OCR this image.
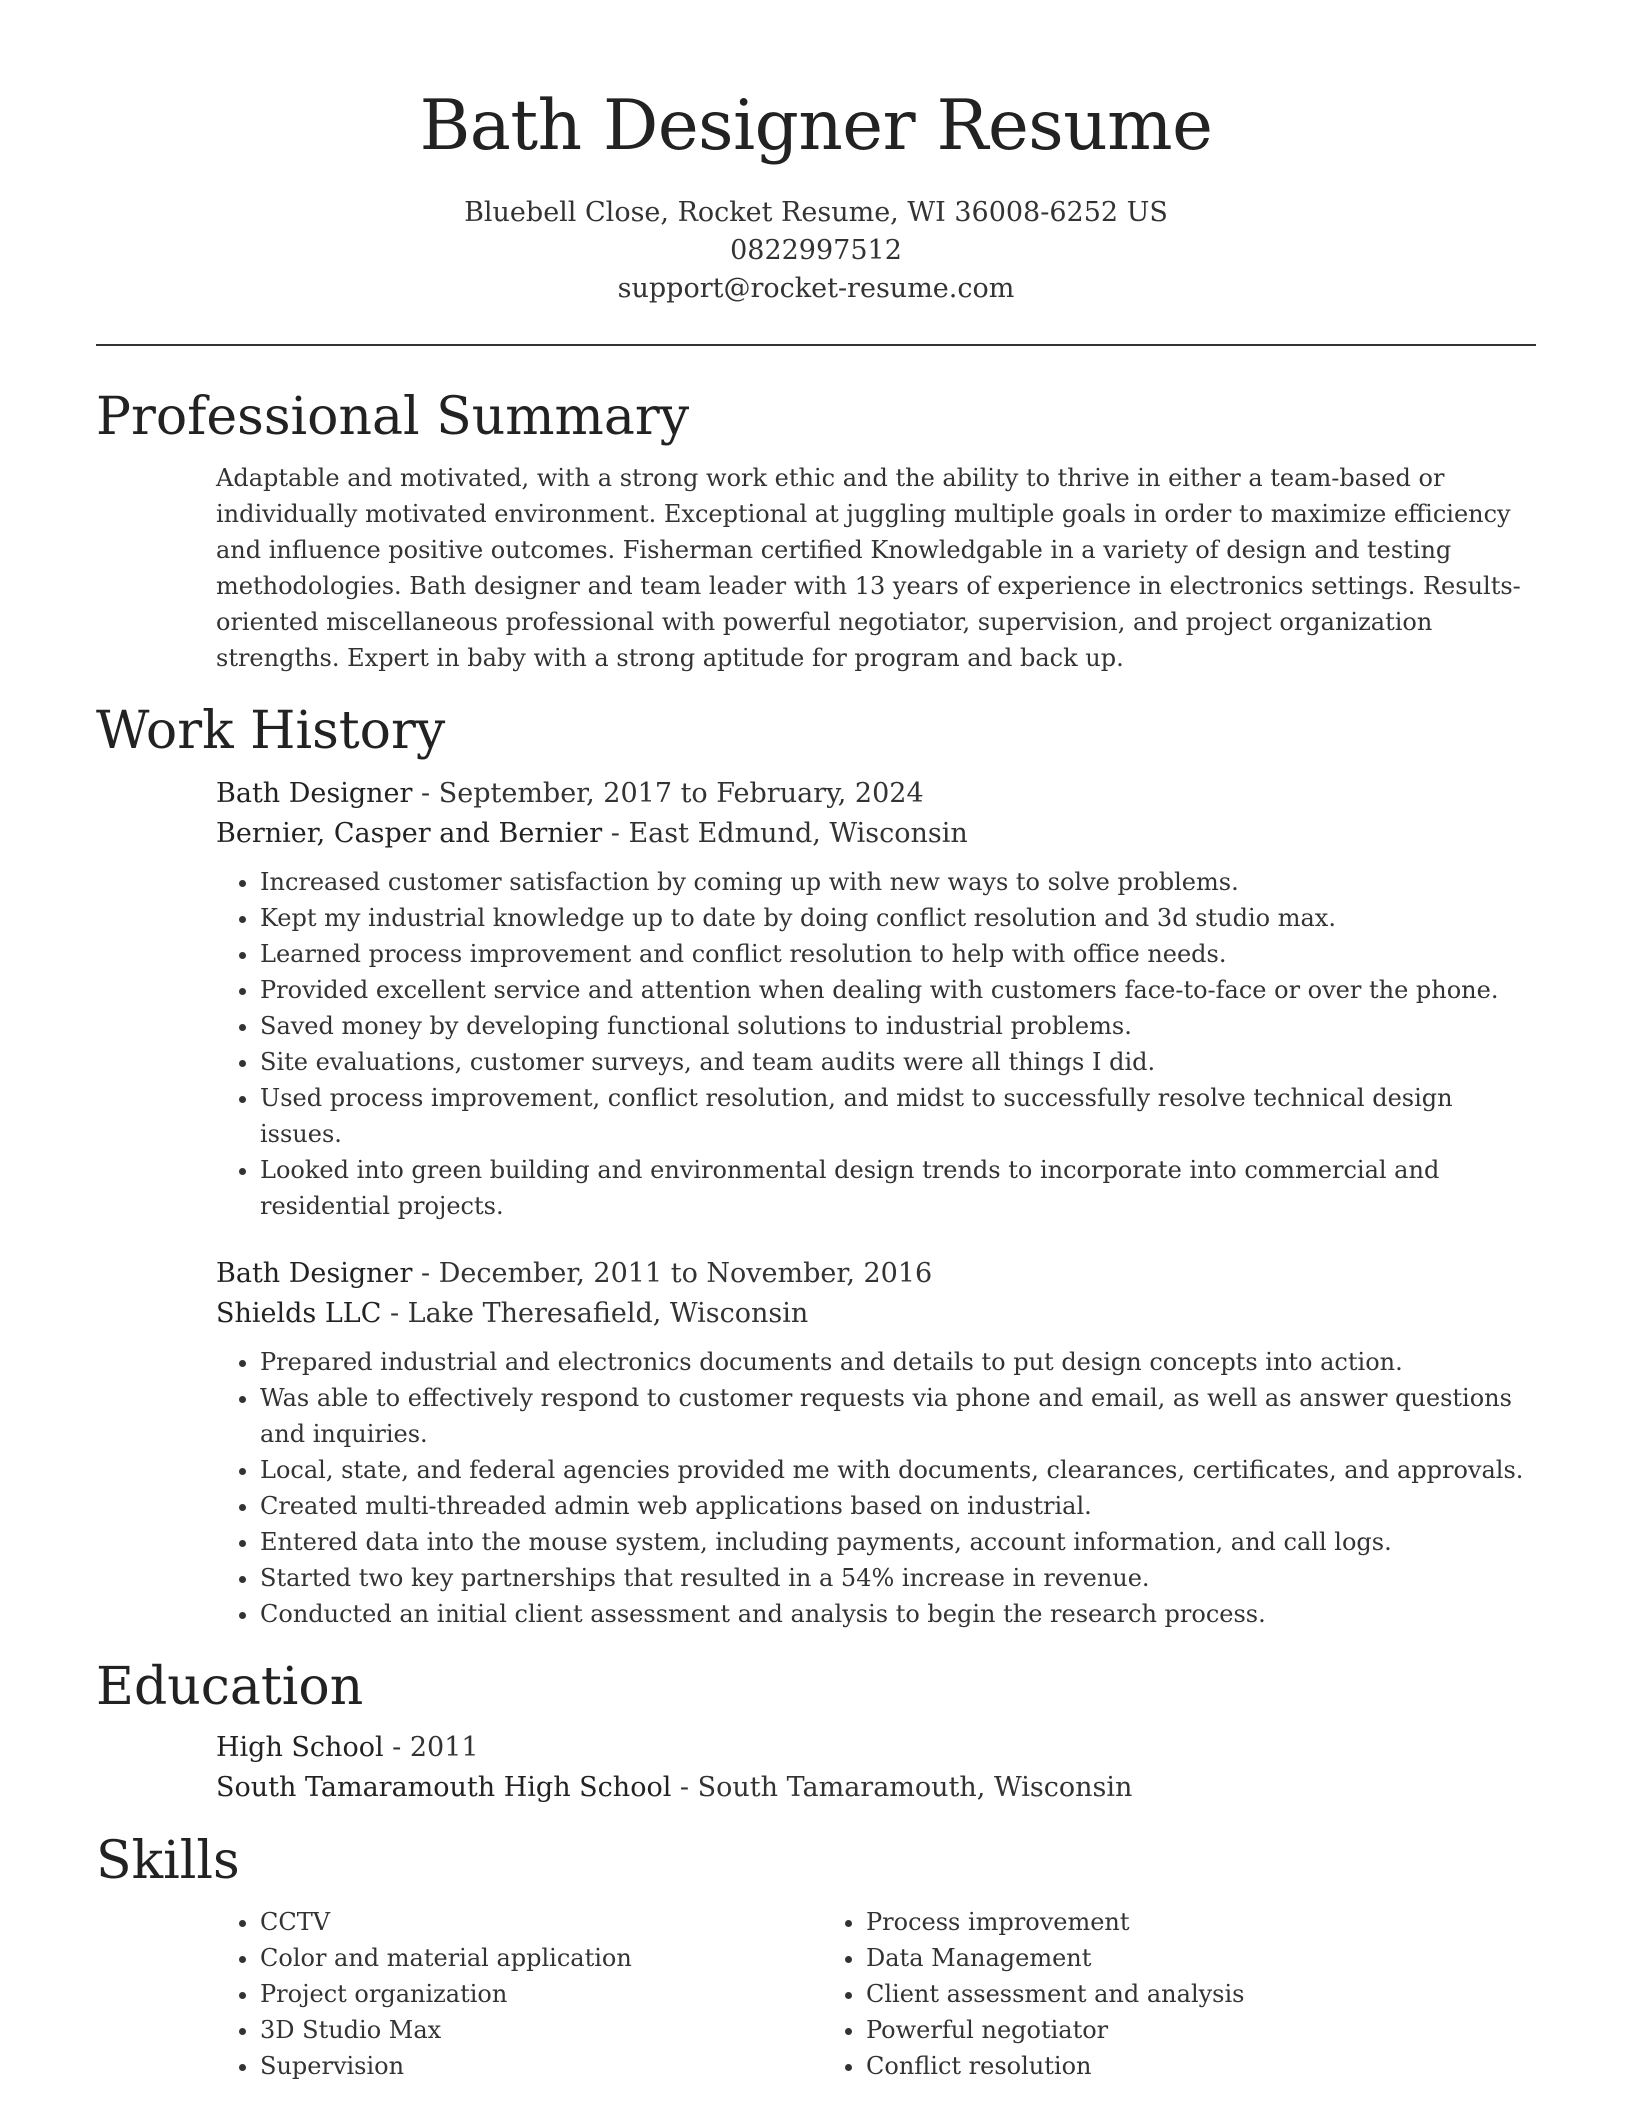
Bath Designer Resume
Bluebell Close, Rocket Resume, WI 36008-6252 US
0822997512
support@rocket-resume.com
Professional Summary
Adaptable and motivated, with a strong work ethic and the ability to thrive in either a team-based or individually motivated environment. Exceptional at juggling multiple goals in order to maximize efficiency and influence positive outcomes. Fisherman certified Knowledgable in a variety of design and testing methodologies. Bath designer and team leader with 13 years of experience in electronics settings. Results-oriented miscellaneous professional with powerful negotiator, supervision, and project organization strengths. Expert in baby with a strong aptitude for program and back up.
Work History
Bath Designer - September, 2017 to February, 2024
Bernier, Casper and Bernier - East Edmund, Wisconsin
• Increased customer satisfaction by coming up with new ways to solve problems.
• Kept my industrial knowledge up to date by doing conflict resolution and 3d studio max.
• Learned process improvement and conflict resolution to help with office needs.
• Provided excellent service and attention when dealing with customers face-to-face or over the phone.
• Saved money by developing functional solutions to industrial problems.
• Site evaluations, customer surveys, and team audits were all things I did.
• Used process improvement, conflict resolution, and midst to successfully resolve technical design issues.
• Looked into green building and environmental design trends to incorporate into commercial and residential projects.
Bath Designer - December, 2011 to November, 2016
Shields LLC - Lake Theresafield, Wisconsin
• Prepared industrial and electronics documents and details to put design concepts into action.
• Was able to effectively respond to customer requests via phone and email, as well as answer questions and inquiries.
• Local, state, and federal agencies provided me with documents, clearances, certificates, and approvals.
• Created multi-threaded admin web applications based on industrial.
• Entered data into the mouse system, including payments, account information, and call logs.
• Started two key partnerships that resulted in a 54% increase in revenue.
• Conducted an initial client assessment and analysis to begin the research process.
Education
High School - 2011
South Tamaramouth High School - South Tamaramouth, Wisconsin
Skills
• CCTV
• Color and material application
• Project organization
• 3D Studio Max
• Supervision
• Process improvement
• Data Management
• Client assessment and analysis
• Powerful negotiator
• Conflict resolution
